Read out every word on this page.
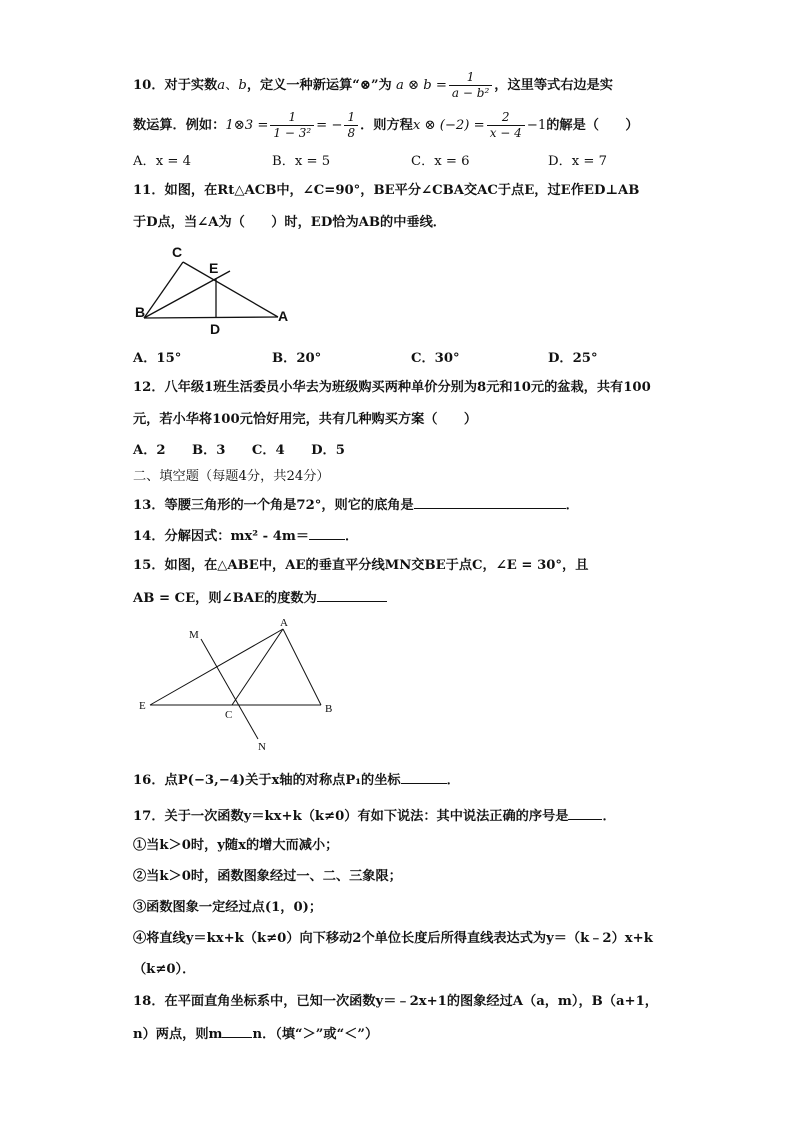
10．对于实数a、b，定义一种新运算“⊗”为 a ⊗ $b = \frac{1}{\text{a − b²}}$ ，这里等式右边是实
数运算．例如：1⊗3 = $\frac{1}{\text{1 − 3²}}$ = − $\frac{1}{8}$ ．则方程x ⊗ $(-2) = \frac{2}{x - 4} -1$的解是（　　）
A．x = 4	B．x = 5	C．x = 6	D．x = 7
11．如图，在Rt△ACB中，∠C=90°，BE平分∠CBA交AC于点E，过E作ED⊥AB
于D点，当∠A为（　　）时，ED恰为AB的中垂线．
C
E
B
D
A
A．15°	B．20°	C．30°	D．25°
12．八年级1班生活委员小华去为班级购买两种单价分别为8元和10元的盆栽，共有100
元，若小华将100元恰好用完，共有几种购买方案（　　）
A．2　　B．3　　C．4　　D．5
二、填空题（每题4分，共24分）
13．等腰三角形的一个角是72°，则它的底角是	．
14．分解因式：mx² - 4m＝	．
15．如图，在△ABE中，AE的垂直平分线MN交BE于点C，∠E = 30°，且
AB = CE，则∠BAE的度数为
M
A
E
C	B
N
16．点P(−3,−4)关于x轴的对称点P₁的坐标	．
17．关于一次函数y＝kx+k（k≠0）有如下说法：其中说法正确的序号是	．
①当k＞0时，y随x的增大而减小；
②当k＞0时，函数图象经过一、二、三象限；
③函数图象一定经过点(1，0)；
④将直线y＝kx+k（k≠0）向下移动2个单位长度后所得直线表达式为y＝（k﹣2）x+k
（k≠0）．
18．在平面直角坐标系中，已知一次函数y＝﹣2x+1的图象经过A（a，m），B（a+1，
n）两点，则m n．（填“＞”或“＜”）
